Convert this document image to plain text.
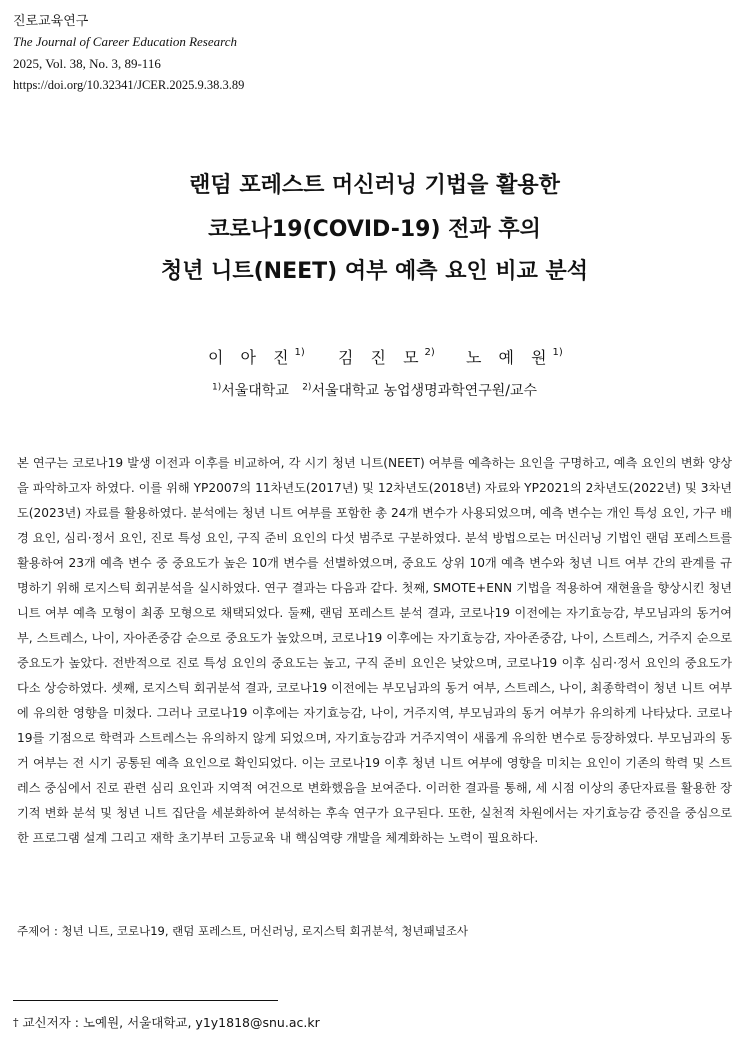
진로교육연구
The Journal of Career Education Research
2025, Vol. 38, No. 3, 89-116
https://doi.org/10.32341/JCER.2025.9.38.3.89
랜덤 포레스트 머신러닝 기법을 활용한
코로나19(COVID-19) 전과 후의
청년 니트(NEET) 여부 예측 요인 비교 분석
이 아 진$^{1)}$ 김 진 모$^{2)}$ 노 예 원$^{1)}$
$^{1)}$서울대학교 $^{2)}$서울대학교 농업생명과학연구원/교수

본 연구는 코로나19 발생 이전과 이후를 비교하여, 각 시기 청년 니트(NEET) 여부를 예측하는 요인을 구명하고, 예측 요인의 변화 양상을 파악하고자 하였다. 이를 위해 YP2007의 11차년도(2017년) 및 12차년도(2018년) 자료와 YP2021의 2차년도(2022년) 및 3차년도(2023년) 자료를 활용하였다. 분석에는 청년 니트 여부를 포함한 총 24개 변수가 사용되었으며, 예측 변수는 개인 특성 요인, 가구 배경 요인, 심리·정서 요인, 진로 특성 요인, 구직 준비 요인의 다섯 범주로 구분하였다. 분석 방법으로는 머신러닝 기법인 랜덤 포레스트를 활용하여 23개 예측 변수 중 중요도가 높은 10개 변수를 선별하였으며, 중요도 상위 10개 예측 변수와 청년 니트 여부 간의 관계를 규명하기 위해 로지스틱 회귀분석을 실시하였다. 연구 결과는 다음과 같다. 첫째, SMOTE+ENN 기법을 적용하여 재현율을 향상시킨 청년 니트 여부 예측 모형이 최종 모형으로 채택되었다. 둘째, 랜덤 포레스트 분석 결과, 코로나19 이전에는 자기효능감, 부모님과의 동거여부, 스트레스, 나이, 자아존중감 순으로 중요도가 높았으며, 코로나19 이후에는 자기효능감, 자아존중감, 나이, 스트레스, 거주지 순으로 중요도가 높았다. 전반적으로 진로 특성 요인의 중요도는 높고, 구직 준비 요인은 낮았으며, 코로나19 이후 심리·정서 요인의 중요도가 다소 상승하였다. 셋째, 로지스틱 회귀분석 결과, 코로나19 이전에는 부모님과의 동거 여부, 스트레스, 나이, 최종학력이 청년 니트 여부에 유의한 영향을 미쳤다. 그러나 코로나19 이후에는 자기효능감, 나이, 거주지역, 부모님과의 동거 여부가 유의하게 나타났다. 코로나19를 기점으로 학력과 스트레스는 유의하지 않게 되었으며, 자기효능감과 거주지역이 새롭게 유의한 변수로 등장하였다. 부모님과의 동거 여부는 전 시기 공통된 예측 요인으로 확인되었다. 이는 코로나19 이후 청년 니트 여부에 영향을 미치는 요인이 기존의 학력 및 스트레스 중심에서 진로 관련 심리 요인과 지역적 여건으로 변화했음을 보여준다. 이러한 결과를 통해, 세 시점 이상의 종단자료를 활용한 장기적 변화 분석 및 청년 니트 집단을 세분화하여 분석하는 후속 연구가 요구된다. 또한, 실천적 차원에서는 자기효능감 증진을 중심으로 한 프로그램 설계 그리고 재학 초기부터 고등교육 내 핵심역량 개발을 체계화하는 노력이 필요하다.

주제어 : 청년 니트, 코로나19, 랜덤 포레스트, 머신러닝, 로지스틱 회귀분석, 청년패널조사
† 교신저자 : 노예원, 서울대학교, y1y1818@snu.ac.kr
